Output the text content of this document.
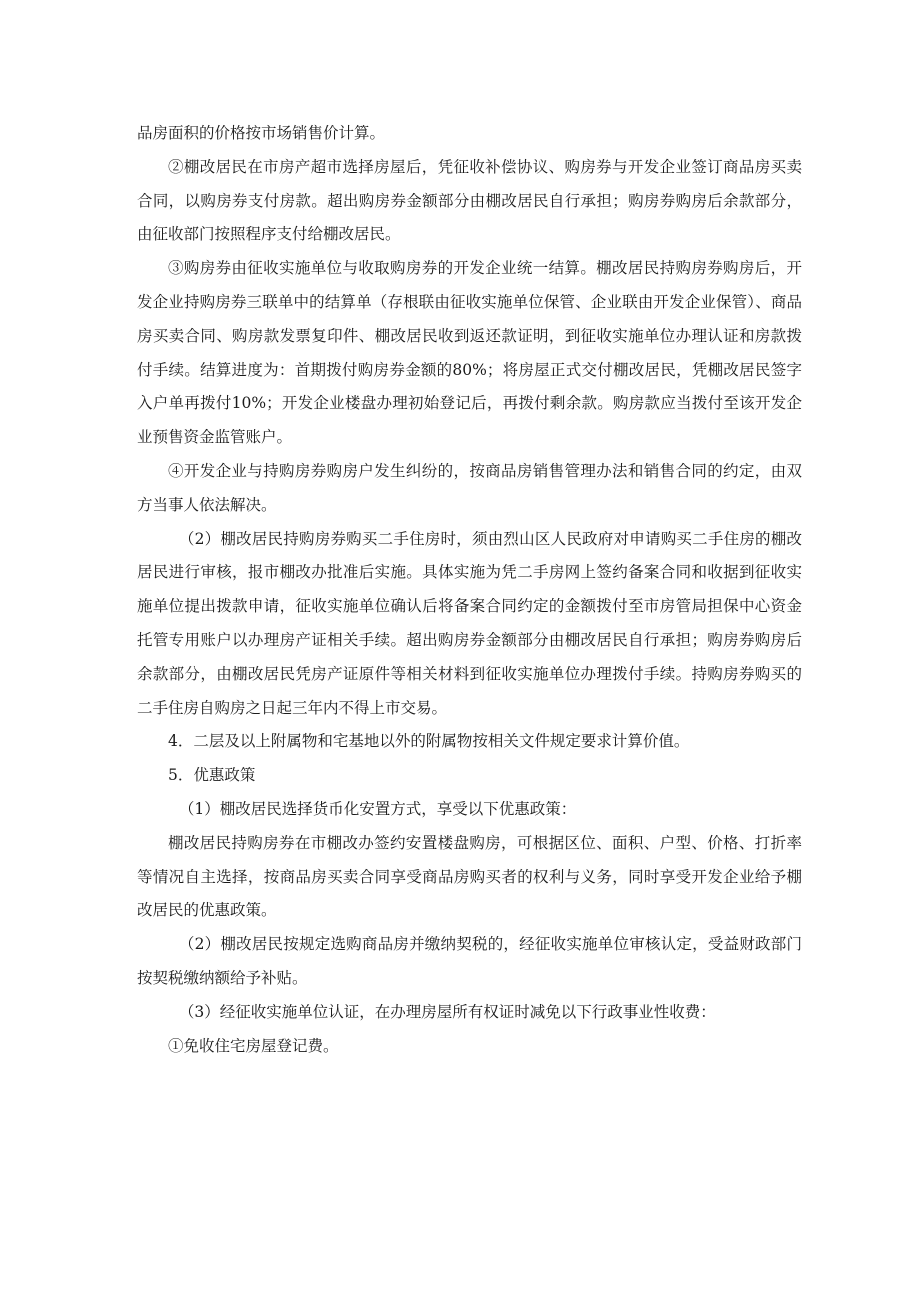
品房面积的价格按市场销售价计算。

②棚改居民在市房产超市选择房屋后，凭征收补偿协议、购房券与开发企业签订商品房买卖合同，以购房券支付房款。超出购房券金额部分由棚改居民自行承担；购房券购房后余款部分，由征收部门按照程序支付给棚改居民。

③购房券由征收实施单位与收取购房券的开发企业统一结算。棚改居民持购房券购房后，开发企业持购房券三联单中的结算单（存根联由征收实施单位保管、企业联由开发企业保管）、商品房买卖合同、购房款发票复印件、棚改居民收到返还款证明，到征收实施单位办理认证和房款拨付手续。结算进度为：首期拨付购房券金额的80%；将房屋正式交付棚改居民，凭棚改居民签字入户单再拨付10%；开发企业楼盘办理初始登记后，再拨付剩余款。购房款应当拨付至该开发企业预售资金监管账户。

④开发企业与持购房券购房户发生纠纷的，按商品房销售管理办法和销售合同的约定，由双方当事人依法解决。

（2）棚改居民持购房券购买二手住房时，须由烈山区人民政府对申请购买二手住房的棚改居民进行审核，报市棚改办批准后实施。具体实施为凭二手房网上签约备案合同和收据到征收实施单位提出拨款申请，征收实施单位确认后将备案合同约定的金额拨付至市房管局担保中心资金托管专用账户以办理房产证相关手续。超出购房券金额部分由棚改居民自行承担；购房券购房后余款部分，由棚改居民凭房产证原件等相关材料到征收实施单位办理拨付手续。持购房券购买的二手住房自购房之日起三年内不得上市交易。

4．二层及以上附属物和宅基地以外的附属物按相关文件规定要求计算价值。

5．优惠政策

（1）棚改居民选择货币化安置方式，享受以下优惠政策：

棚改居民持购房券在市棚改办签约安置楼盘购房，可根据区位、面积、户型、价格、打折率等情况自主选择，按商品房买卖合同享受商品房购买者的权利与义务，同时享受开发企业给予棚改居民的优惠政策。

（2）棚改居民按规定选购商品房并缴纳契税的，经征收实施单位审核认定，受益财政部门按契税缴纳额给予补贴。

（3）经征收实施单位认证，在办理房屋所有权证时减免以下行政事业性收费：

①免收住宅房屋登记费。
